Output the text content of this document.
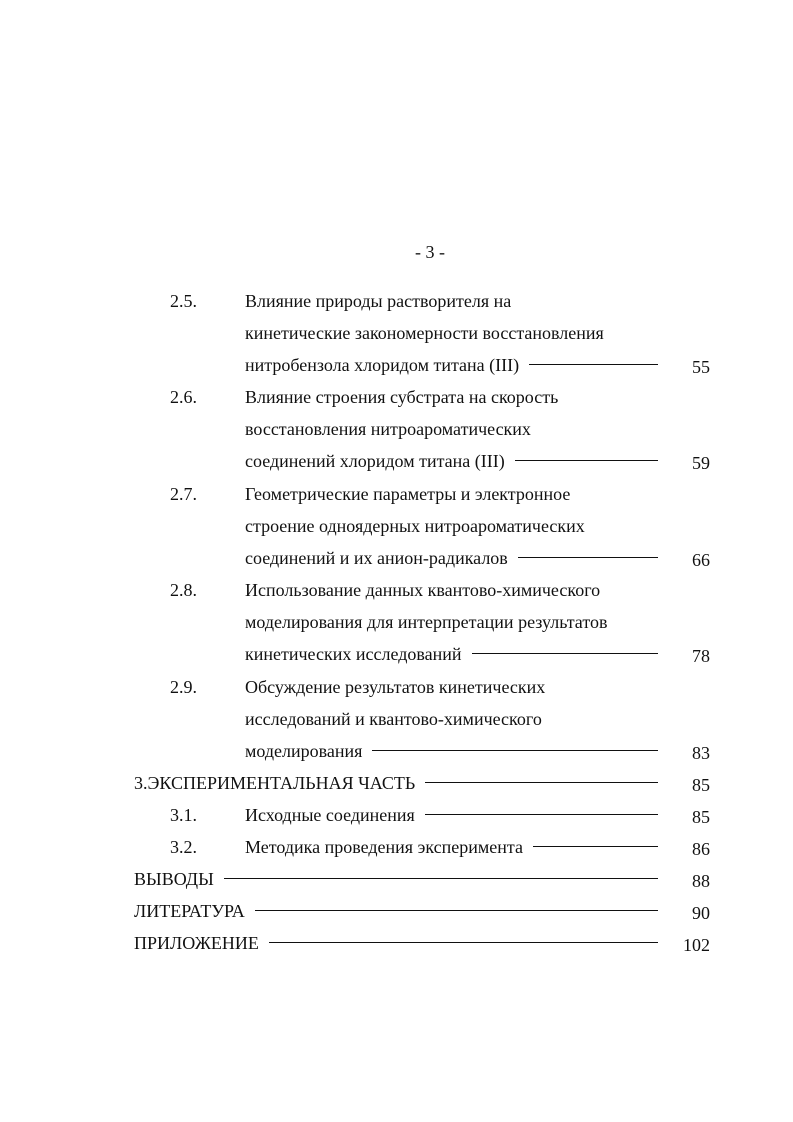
- 3 -
2.5.	Влияние природы растворителя на
кинетические закономерности восстановления
нитробензола хлоридом титана (III)	55
2.6.	Влияние строения субстрата на скорость
восстановления нитроароматических
соединений хлоридом титана (III)	59
2.7.	Геометрические параметры и электронное
строение одноядерных нитроароматических
соединений и их анион-радикалов	66
2.8.	Использование данных квантово-химического
моделирования для интерпретации результатов
кинетических исследований	78
2.9.	Обсуждение результатов кинетических
исследований и квантово-химического
моделирования	83
3.ЭКСПЕРИМЕНТАЛЬНАЯ ЧАСТЬ	85
3.1.	Исходные соединения	85
3.2.	Методика проведения эксперимента	86
ВЫВОДЫ	88
ЛИТЕРАТУРА	90
ПРИЛОЖЕНИЕ	102
